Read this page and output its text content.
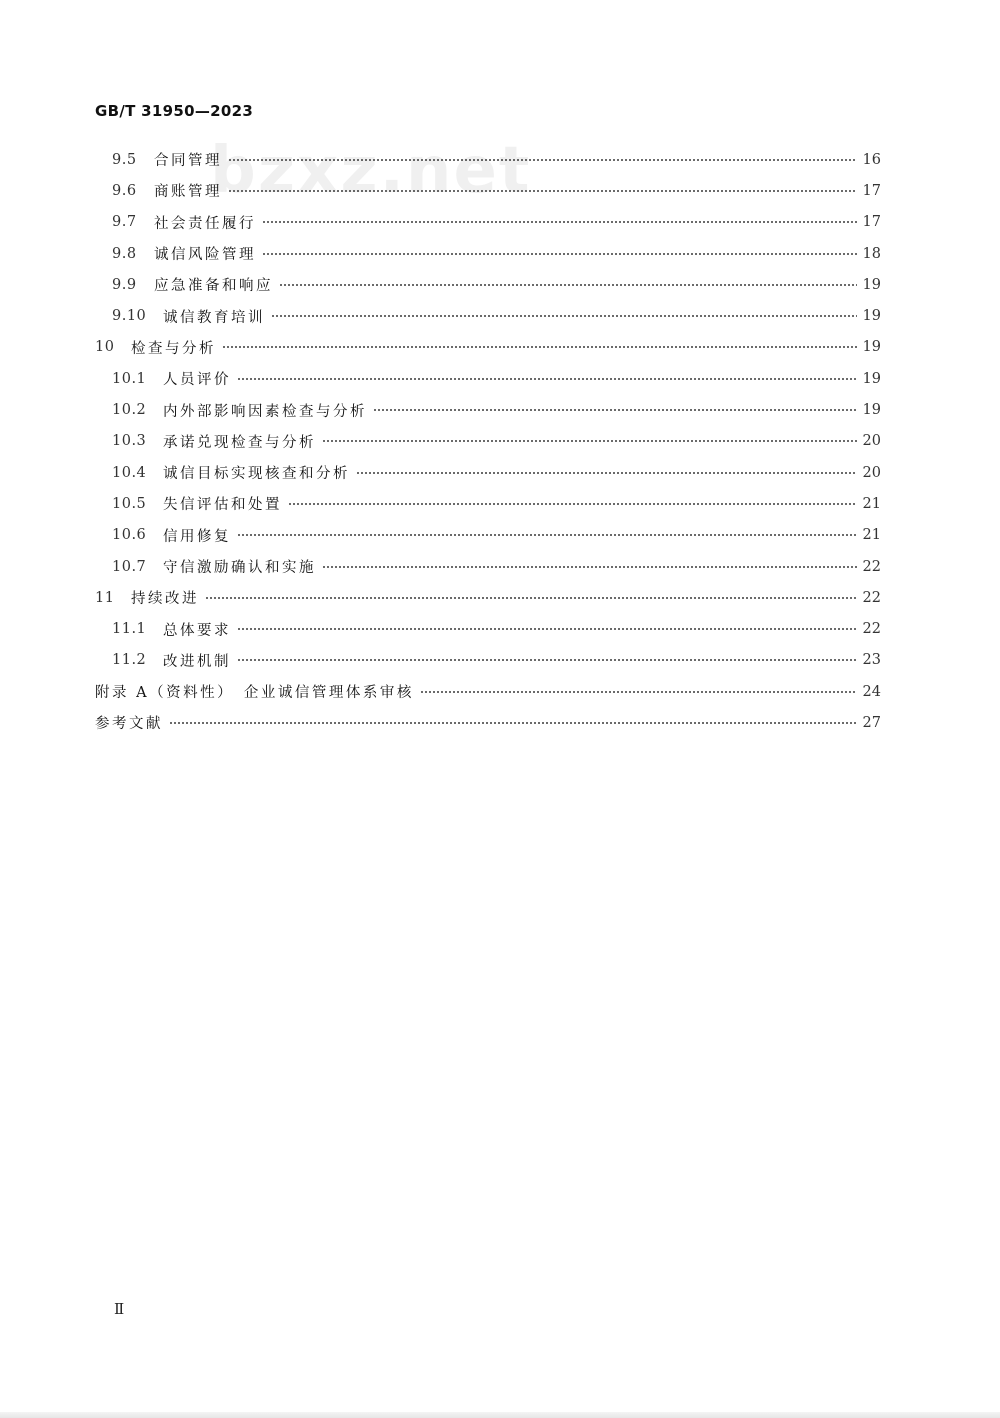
GB/T 31950—2023
bzxz.net
9.5	合同管理	16
9.6	商账管理	17
9.7	社会责任履行	17
9.8	诚信风险管理	18
9.9	应急准备和响应	19
9.10	诚信教育培训	19
10	检查与分析	19
10.1	人员评价	19
10.2	内外部影响因素检查与分析	19
10.3	承诺兑现检查与分析	20
10.4	诚信目标实现核查和分析	20
10.5	失信评估和处置	21
10.6	信用修复	21
10.7	守信激励确认和实施	22
11	持续改进	22
11.1	总体要求	22
11.2	改进机制	23
附录 A（资料性）　企业诚信管理体系审核	24
参考文献	27
Ⅱ
